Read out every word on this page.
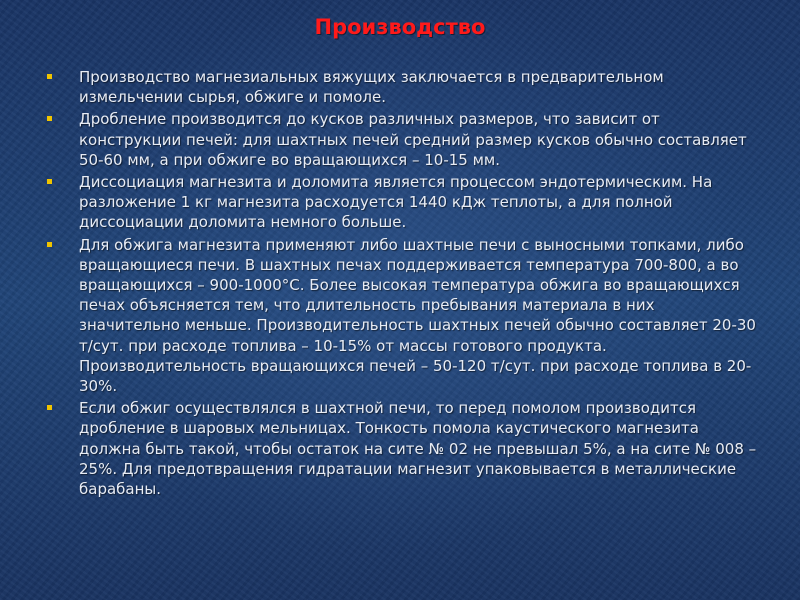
Производство
Производство магнезиальных вяжущих заключается в предварительном измельчении сырья, обжиге и помоле.
Дробление производится до кусков различных размеров, что зависит от конструкции печей: для шахтных печей средний размер кусков обычно составляет 50-60 мм, а при обжиге во вращающихся – 10-15 мм.
Диссоциация магнезита и доломита является процессом эндотермическим. На разложение 1 кг магнезита расходуется 1440 кДж теплоты, а для полной диссоциации доломита немного больше.
Для обжига магнезита применяют либо шахтные печи с выносными топками, либо вращающиеся печи. В шахтных печах поддерживается температура 700-800, а во вращающихся – 900-1000°С. Более высокая температура обжига во вращающихся печах объясняется тем, что длительность пребывания материала в них значительно меньше. Производительность шахтных печей обычно составляет 20-30 т/сут. при расходе топлива – 10-15% от массы готового продукта. Производительность вращающихся печей – 50-120 т/сут. при расходе топлива в 20-30%.
Если обжиг осуществлялся в шахтной печи, то перед помолом производится дробление в шаровых мельницах. Тонкость помола каустического магнезита должна быть такой, чтобы остаток на сите № 02 не превышал 5%, а на сите № 008 – 25%. Для предотвращения гидратации магнезит упаковывается в металлические барабаны.
